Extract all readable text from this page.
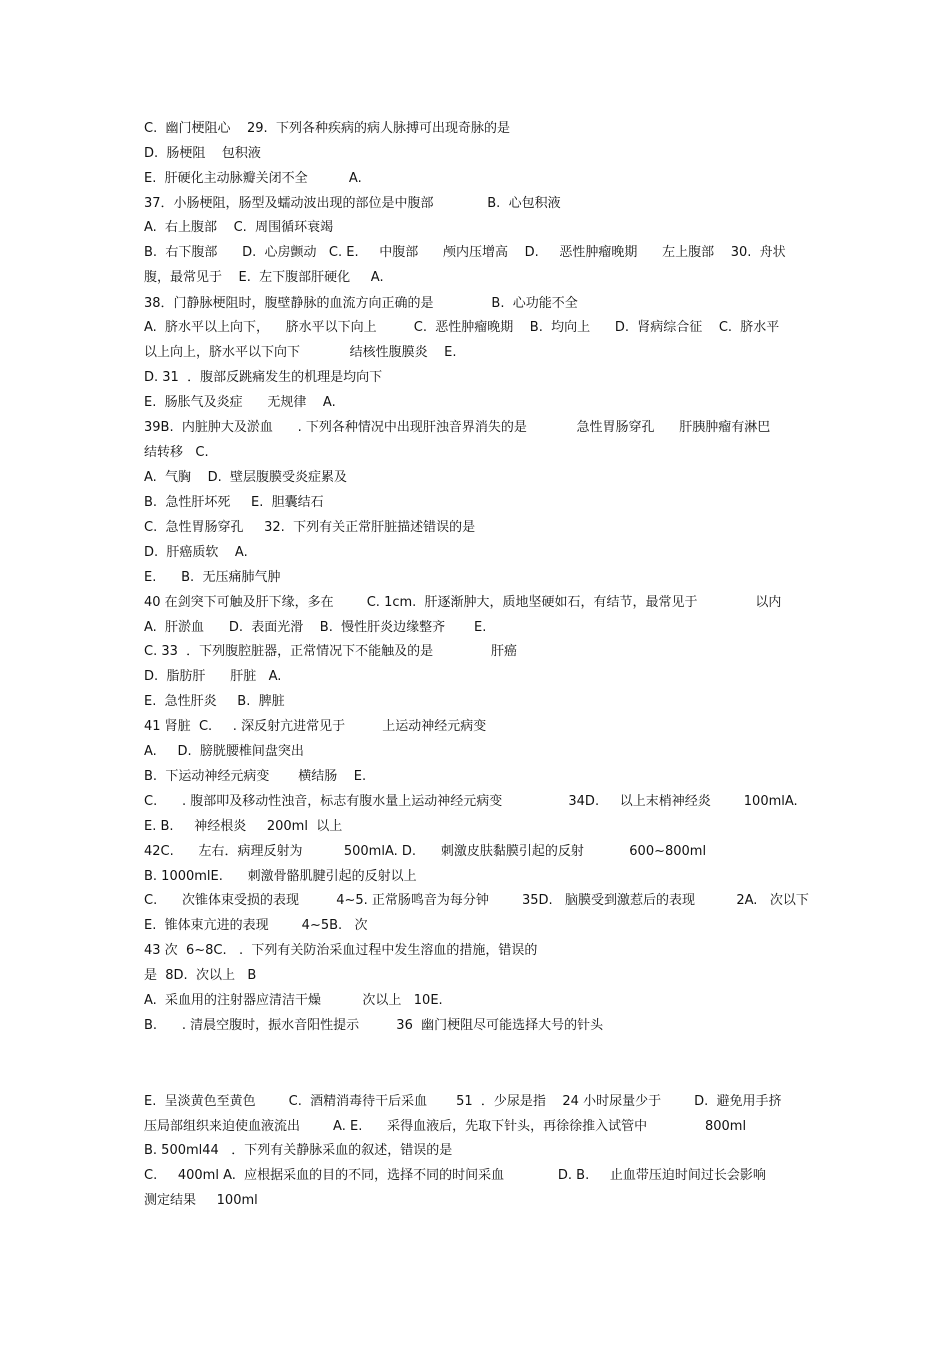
C.  幽门梗阻心    29.  下列各种疾病的病人脉搏可出现奇脉的是

D.  肠梗阻    包积液

E.  肝硬化主动脉瓣关闭不全          A.

37．小肠梗阻，肠型及蠕动波出现的部位是中腹部             B.  心包积液

A.  右上腹部    C.  周围循环衰竭

B.  右下腹部      D.  心房颤动   C. E.     中腹部      颅内压增高    D.     恶性肿瘤晚期      左上腹部    30.  舟状

腹，最常见于    E.  左下腹部肝硬化     A.

38．门静脉梗阻时，腹壁静脉的血流方向正确的是              B.  心功能不全

A.  脐水平以上向下，    脐水平以下向上         C.  恶性肿瘤晚期    B.  均向上      D.  肾病综合征    C.  脐水平

以上向上，脐水平以下向下            结核性腹膜炎    E.

D. 31  ．腹部反跳痛发生的机理是均向下

E.  肠胀气及炎症      无规律    A.

39B.  内脏肿大及淤血      . 下列各种情况中出现肝浊音界消失的是            急性胃肠穿孔      肝胰肿瘤有淋巴

结转移   C.

A.  气胸    D.  壁层腹膜受炎症累及

B.  急性肝坏死     E.  胆囊结石

C.  急性胃肠穿孔     32.  下列有关正常肝脏描述错误的是

D.  肝癌质软    A.

E.      B.  无压痛肺气肿

40 在剑突下可触及肝下缘，多在        C. 1cm.  肝逐渐肿大，质地坚硬如石，有结节，最常见于              以内

A.  肝淤血      D.  表面光滑    B.  慢性肝炎边缘整齐       E.

C. 33  ．下列腹腔脏器，正常情况下不能触及的是              肝癌

D.  脂肪肝      肝脏   A.

E.  急性肝炎     B.  脾脏

41 肾脏  C.     . 深反射亢进常见于         上运动神经元病变

A.     D.  膀胱腰椎间盘突出

B.  下运动神经元病变       横结肠    E.

C.      . 腹部叩及移动性浊音，标志有腹水量上运动神经元病变                34D.     以上末梢神经炎        100mlA.

E. B.     神经根炎     200ml  以上

42C.      左右．病理反射为          500mlA. D.      刺激皮肤黏膜引起的反射           600~800ml

B. 1000mlE.      刺激骨骼肌腱引起的反射以上

C.      次锥体束受损的表现         4~5. 正常肠鸣音为每分钟        35D.   脑膜受到激惹后的表现          2A.   次以下

E.  锥体束亢进的表现        4~5B.   次

43 次  6~8C.   .  下列有关防治采血过程中发生溶血的措施，错误的

是  8D.  次以上   B

A.  采血用的注射器应清洁干燥          次以上   10E.

B.      . 清晨空腹时，振水音阳性提示         36  幽门梗阻尽可能选择大号的针头

E.  呈淡黄色至黄色        C.  酒精消毒待干后采血       51  ．少尿是指    24 小时尿量少于        D.  避免用手挤

压局部组织来迫使血液流出        A. E.      采得血液后，先取下针头，再徐徐推入试管中              800ml

B. 500ml44   ．下列有关静脉采血的叙述，错误的是

C.     400ml A.  应根据采血的目的不同，选择不同的时间采血             D. B.     止血带压迫时间过长会影响

测定结果     100ml
